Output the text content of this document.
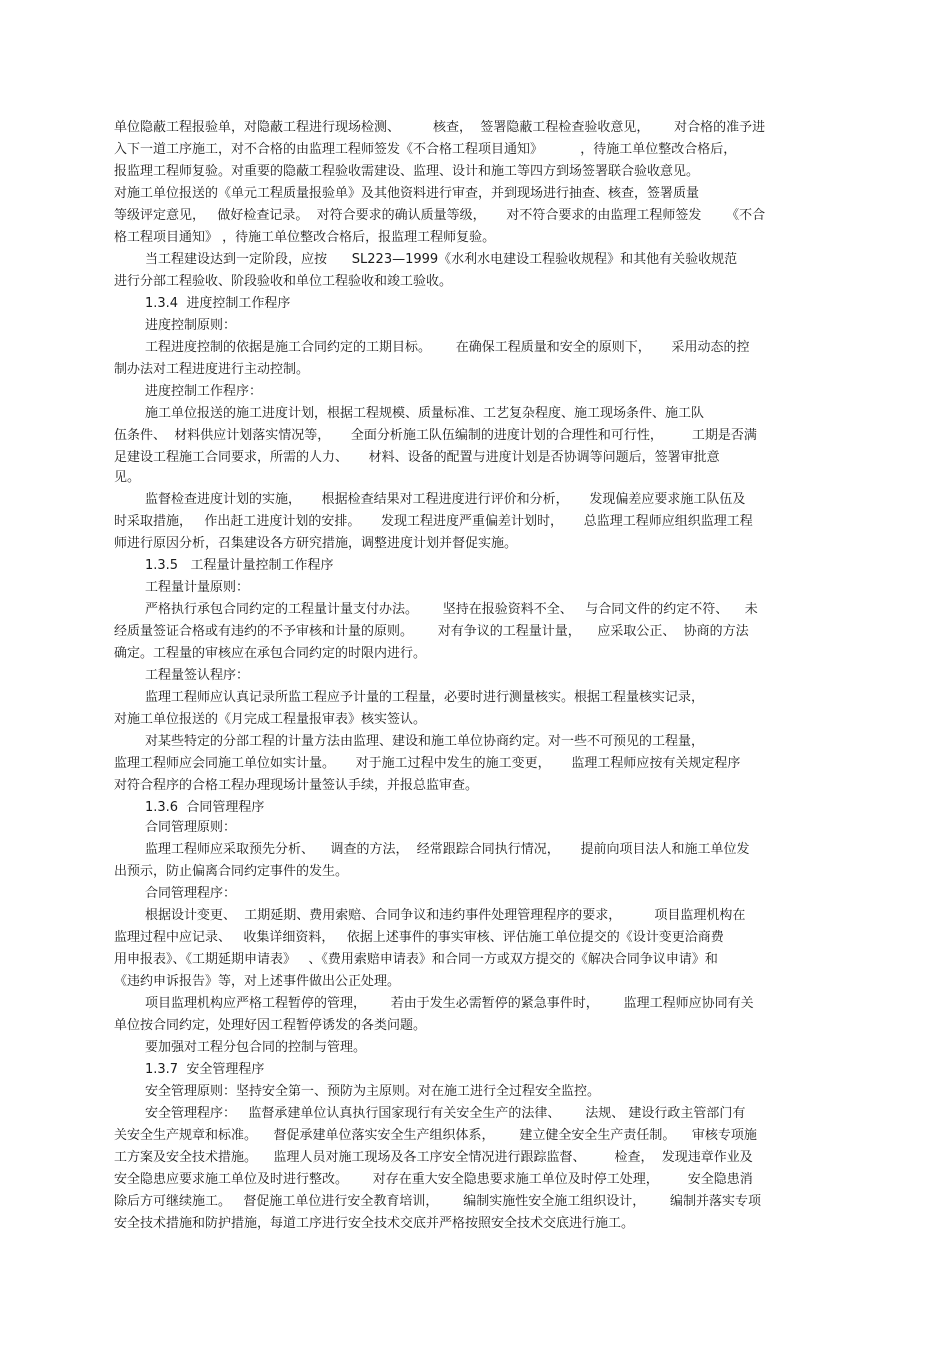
单位隐蔽工程报验单，对隐蔽工程进行现场检测、        核查，  签署隐蔽工程检查验收意见，      对合格的准予进
入下一道工序施工，对不合格的由监理工程师签发《不合格工程项目通知》         ，待施工单位整改合格后，
报监理工程师复验。对重要的隐蔽工程验收需建设、监理、设计和施工等四方到场签署联合验收意见。
对施工单位报送的《单元工程质量报验单》及其他资料进行审查，并到现场进行抽查、核查，签署质量
等级评定意见，   做好检查记录。  对符合要求的确认质量等级，     对不符合要求的由监理工程师签发      《不合
格工程项目通知》 ，待施工单位整改合格后，报监理工程师复验。
当工程建设达到一定阶段，应按      SL223—1999《水利水电建设工程验收规程》和其他有关验收规范
进行分部工程验收、阶段验收和单位工程验收和竣工验收。
1.3.4  进度控制工作程序
进度控制原则：
工程进度控制的依据是施工合同约定的工期目标。      在确保工程质量和安全的原则下，     采用动态的控
制办法对工程进度进行主动控制。
进度控制工作程序：
施工单位报送的施工进度计划，根据工程规模、质量标准、工艺复杂程度、施工现场条件、施工队
伍条件、  材料供应计划落实情况等，     全面分析施工队伍编制的进度计划的合理性和可行性，       工期是否满
足建设工程施工合同要求，所需的人力、     材料、设备的配置与进度计划是否协调等问题后，签署审批意
见。
监督检查进度计划的实施，     根据检查结果对工程进度进行评价和分析，     发现偏差应要求施工队伍及
时采取措施，   作出赶工进度计划的安排。     发现工程进度严重偏差计划时，     总监理工程师应组织监理工程
师进行原因分析，召集建设各方研究措施，调整进度计划并督促实施。
1.3.5   工程量计量控制工作程序
工程量计量原则：
严格执行承包合同约定的工程量计量支付办法。      坚持在报验资料不全、   与合同文件的约定不符、    未
经质量签证合格或有违约的不予审核和计量的原则。      对有争议的工程量计量，    应采取公正、  协商的方法
确定。工程量的审核应在承包合同约定的时限内进行。
工程量签认程序：
监理工程师应认真记录所监工程应予计量的工程量，必要时进行测量核实。根据工程量核实记录，
对施工单位报送的《月完成工程量报审表》核实签认。
对某些特定的分部工程的计量方法由监理、建设和施工单位协商约定。对一些不可预见的工程量，
监理工程师应会同施工单位如实计量。     对于施工过程中发生的施工变更，     监理工程师应按有关规定程序
对符合程序的合格工程办理现场计量签认手续，并报总监审查。
1.3.6  合同管理程序
合同管理原则：
监理工程师应采取预先分析、    调查的方法，  经常跟踪合同执行情况，     提前向项目法人和施工单位发
出预示，防止偏离合同约定事件的发生。
合同管理程序：
根据设计变更、  工期延期、费用索赔、合同争议和违约事件处理管理程序的要求，        项目监理机构在
监理过程中应记录、   收集详细资料，   依据上述事件的事实审核、评估施工单位提交的《设计变更洽商费
用申报表》、《工期延期申请表》   、《费用索赔申请表》和合同一方或双方提交的《解决合同争议申请》和
《违约申诉报告》等，对上述事件做出公正处理。
项目监理机构应严格工程暂停的管理，      若由于发生必需暂停的紧急事件时，      监理工程师应协同有关
单位按合同约定，处理好因工程暂停诱发的各类问题。
要加强对工程分包合同的控制与管理。
1.3.7  安全管理程序
安全管理原则：坚持安全第一、预防为主原则。对在施工进行全过程安全监控。
安全管理程序：   监督承建单位认真执行国家现行有关安全生产的法律、      法规、 建设行政主管部门有
关安全生产规章和标准。    督促承建单位落实安全生产组织体系，      建立健全安全生产责任制。    审核专项施
工方案及安全技术措施。    监理人员对施工现场及各工序安全情况进行跟踪监督、       检查，  发现违章作业及
安全隐患应要求施工单位及时进行整改。      对存在重大安全隐患要求施工单位及时停工处理，       安全隐患消
除后方可继续施工。   督促施工单位进行安全教育培训，      编制实施性安全施工组织设计，      编制并落实专项
安全技术措施和防护措施，每道工序进行安全技术交底并严格按照安全技术交底进行施工。
